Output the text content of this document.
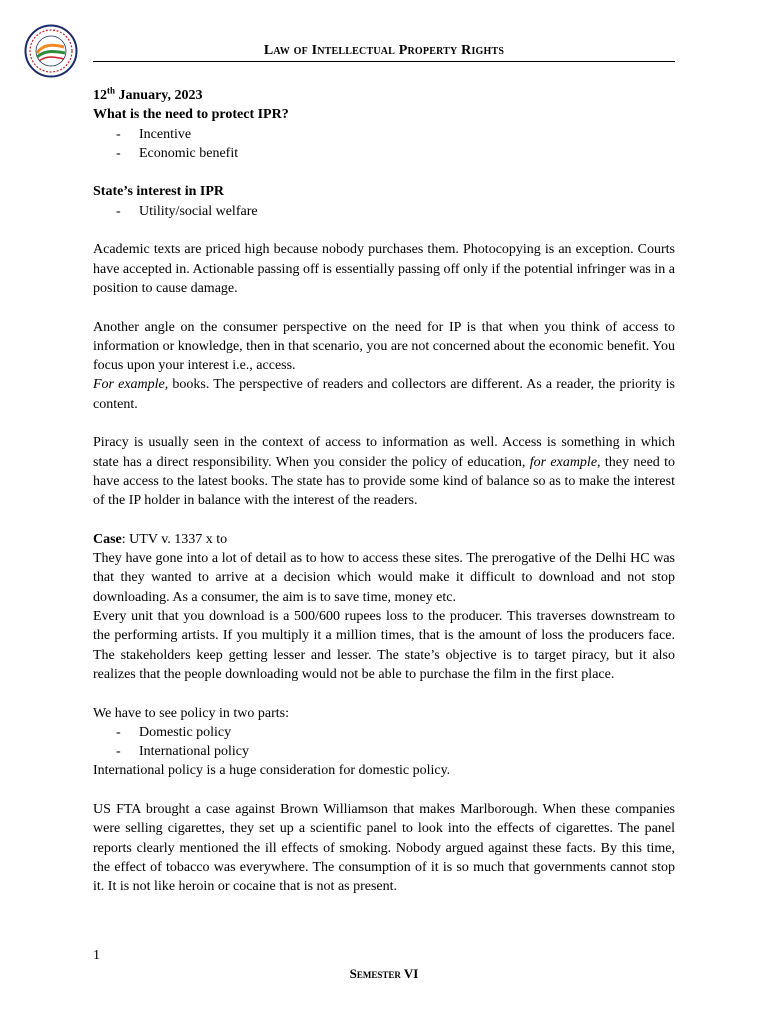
Law of Intellectual Property Rights

12th January, 2023

What is the need to protect IPR?

- Incentive
- Economic benefit

State’s interest in IPR

- Utility/social welfare

Academic texts are priced high because nobody purchases them. Photocopying is an exception. Courts have accepted in. Actionable passing off is essentially passing off only if the potential infringer was in a position to cause damage.

Another angle on the consumer perspective on the need for IP is that when you think of access to information or knowledge, then in that scenario, you are not concerned about the economic benefit. You focus upon your interest i.e., access.

For example, books. The perspective of readers and collectors are different. As a reader, the priority is content.

Piracy is usually seen in the context of access to information as well. Access is something in which state has a direct responsibility. When you consider the policy of education, for example, they need to have access to the latest books. The state has to provide some kind of balance so as to make the interest of the IP holder in balance with the interest of the readers.

Case: UTV v. 1337 x to

They have gone into a lot of detail as to how to access these sites. The prerogative of the Delhi HC was that they wanted to arrive at a decision which would make it difficult to download and not stop downloading. As a consumer, the aim is to save time, money etc.

Every unit that you download is a 500/600 rupees loss to the producer. This traverses downstream to the performing artists. If you multiply it a million times, that is the amount of loss the producers face. The stakeholders keep getting lesser and lesser. The state’s objective is to target piracy, but it also realizes that the people downloading would not be able to purchase the film in the first place.

We have to see policy in two parts:

- Domestic policy
- International policy

International policy is a huge consideration for domestic policy.

US FTA brought a case against Brown Williamson that makes Marlborough. When these companies were selling cigarettes, they set up a scientific panel to look into the effects of cigarettes. The panel reports clearly mentioned the ill effects of smoking. Nobody argued against these facts. By this time, the effect of tobacco was everywhere. The consumption of it is so much that governments cannot stop it. It is not like heroin or cocaine that is not as present.

1
Semester VI
